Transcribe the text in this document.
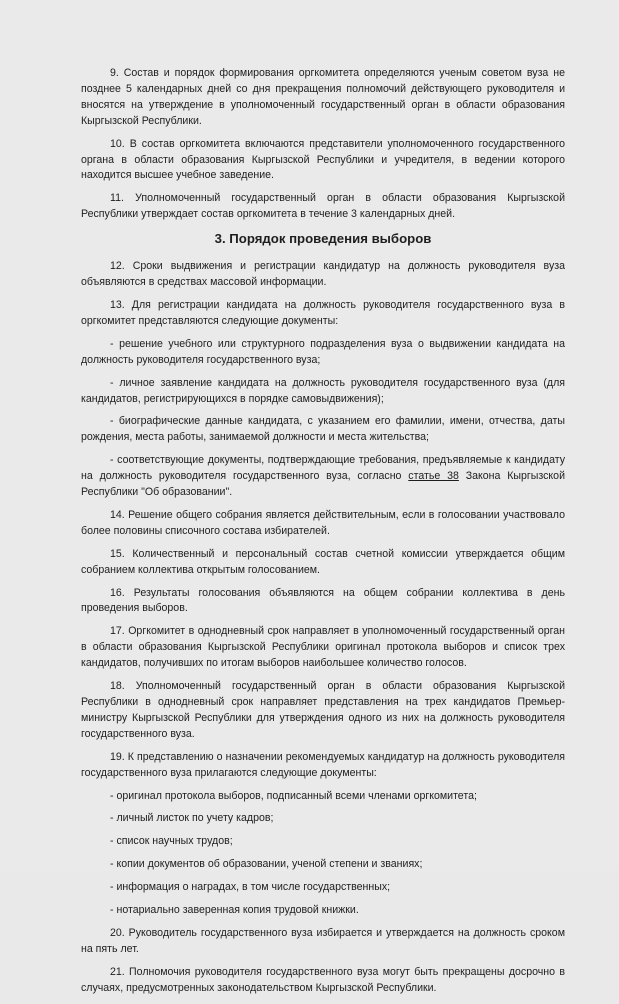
9. Состав и порядок формирования оргкомитета определяются ученым советом вуза не позднее 5 календарных дней со дня прекращения полномочий действующего руководителя и вносятся на утверждение в уполномоченный государственный орган в области образования Кыргызской Республики.

10. В состав оргкомитета включаются представители уполномоченного государственного органа в области образования Кыргызской Республики и учредителя, в ведении которого находится высшее учебное заведение.

11. Уполномоченный государственный орган в области образования Кыргызской Республики утверждает состав оргкомитета в течение 3 календарных дней.

3. Порядок проведения выборов

12. Сроки выдвижения и регистрации кандидатур на должность руководителя вуза объявляются в средствах массовой информации.

13. Для регистрации кандидата на должность руководителя государственного вуза в оргкомитет представляются следующие документы:

- решение учебного или структурного подразделения вуза о выдвижении кандидата на должность руководителя государственного вуза;

- личное заявление кандидата на должность руководителя государственного вуза (для кандидатов, регистрирующихся в порядке самовыдвижения);

- биографические данные кандидата, с указанием его фамилии, имени, отчества, даты рождения, места работы, занимаемой должности и места жительства;

- соответствующие документы, подтверждающие требования, предъявляемые к кандидату на должность руководителя государственного вуза, согласно статье 38 Закона Кыргызской Республики "Об образовании".

14. Решение общего собрания является действительным, если в голосовании участвовало более половины списочного состава избирателей.

15. Количественный и персональный состав счетной комиссии утверждается общим собранием коллектива открытым голосованием.

16. Результаты голосования объявляются на общем собрании коллектива в день проведения выборов.

17. Оргкомитет в однодневный срок направляет в уполномоченный государственный орган в области образования Кыргызской Республики оригинал протокола выборов и список трех кандидатов, получивших по итогам выборов наибольшее количество голосов.

18. Уполномоченный государственный орган в области образования Кыргызской Республики в однодневный срок направляет представления на трех кандидатов Премьер-министру Кыргызской Республики для утверждения одного из них на должность руководителя государственного вуза.

19. К представлению о назначении рекомендуемых кандидатур на должность руководителя государственного вуза прилагаются следующие документы:

- оригинал протокола выборов, подписанный всеми членами оргкомитета;

- личный листок по учету кадров;

- список научных трудов;

- копии документов об образовании, ученой степени и званиях;

- информация о наградах, в том числе государственных;

- нотариально заверенная копия трудовой книжки.

20. Руководитель государственного вуза избирается и утверждается на должность сроком на пять лет.

21. Полномочия руководителя государственного вуза могут быть прекращены досрочно в случаях, предусмотренных законодательством Кыргызской Республики.
